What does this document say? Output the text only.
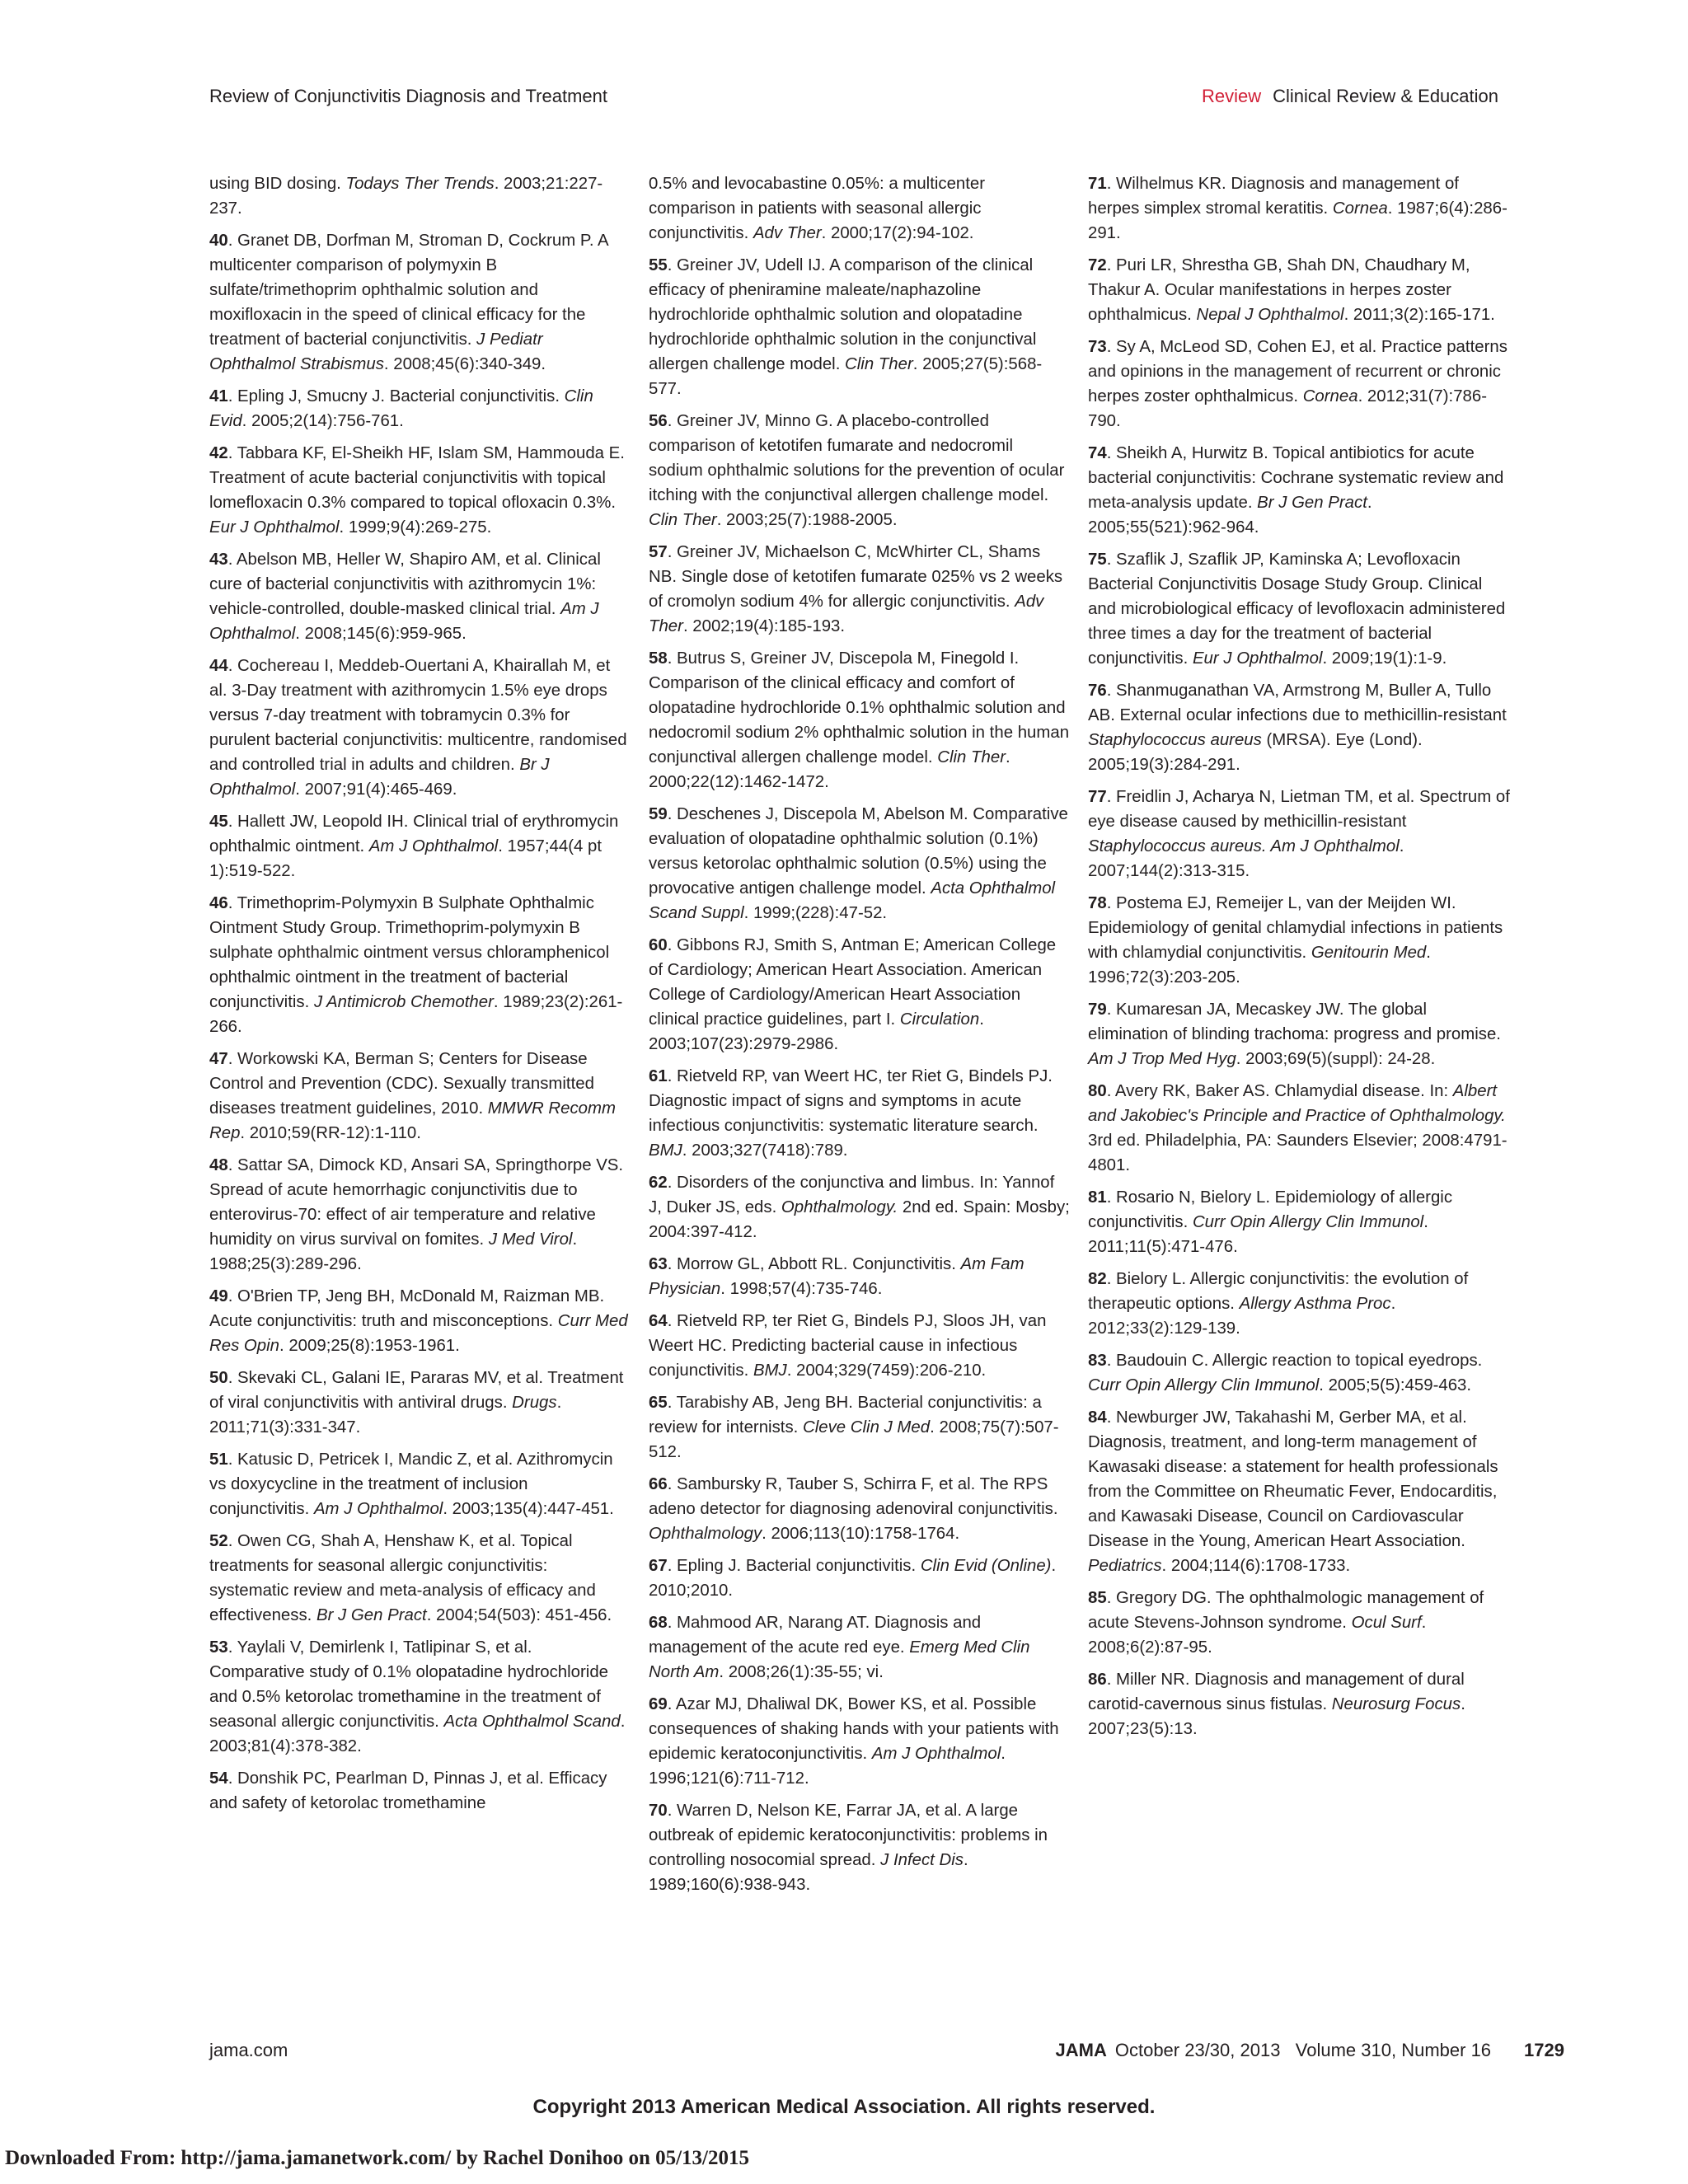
Review of Conjunctivitis Diagnosis and Treatment	Review Clinical Review & Education

using BID dosing. Todays Ther Trends. 2003;21:227-237.

40. Granet DB, Dorfman M, Stroman D, Cockrum P. A multicenter comparison of polymyxin B sulfate/trimethoprim ophthalmic solution and moxifloxacin in the speed of clinical efficacy for the treatment of bacterial conjunctivitis. J Pediatr Ophthalmol Strabismus. 2008;45(6):340-349.

41. Epling J, Smucny J. Bacterial conjunctivitis. Clin Evid. 2005;2(14):756-761.

42. Tabbara KF, El-Sheikh HF, Islam SM, Hammouda E. Treatment of acute bacterial conjunctivitis with topical lomefloxacin 0.3% compared to topical ofloxacin 0.3%. Eur J Ophthalmol. 1999;9(4):269-275.

43. Abelson MB, Heller W, Shapiro AM, et al. Clinical cure of bacterial conjunctivitis with azithromycin 1%: vehicle-controlled, double-masked clinical trial. Am J Ophthalmol. 2008;145(6):959-965.

44. Cochereau I, Meddeb-Ouertani A, Khairallah M, et al. 3-Day treatment with azithromycin 1.5% eye drops versus 7-day treatment with tobramycin 0.3% for purulent bacterial conjunctivitis: multicentre, randomised and controlled trial in adults and children. Br J Ophthalmol. 2007;91(4):465-469.

45. Hallett JW, Leopold IH. Clinical trial of erythromycin ophthalmic ointment. Am J Ophthalmol. 1957;44(4 pt 1):519-522.

46. Trimethoprim-Polymyxin B Sulphate Ophthalmic Ointment Study Group. Trimethoprim-polymyxin B sulphate ophthalmic ointment versus chloramphenicol ophthalmic ointment in the treatment of bacterial conjunctivitis. J Antimicrob Chemother. 1989;23(2):261-266.

47. Workowski KA, Berman S; Centers for Disease Control and Prevention (CDC). Sexually transmitted diseases treatment guidelines, 2010. MMWR Recomm Rep. 2010;59(RR-12):1-110.

48. Sattar SA, Dimock KD, Ansari SA, Springthorpe VS. Spread of acute hemorrhagic conjunctivitis due to enterovirus-70: effect of air temperature and relative humidity on virus survival on fomites. J Med Virol. 1988;25(3):289-296.

49. O'Brien TP, Jeng BH, McDonald M, Raizman MB. Acute conjunctivitis: truth and misconceptions. Curr Med Res Opin. 2009;25(8):1953-1961.

50. Skevaki CL, Galani IE, Pararas MV, et al. Treatment of viral conjunctivitis with antiviral drugs. Drugs. 2011;71(3):331-347.

51. Katusic D, Petricek I, Mandic Z, et al. Azithromycin vs doxycycline in the treatment of inclusion conjunctivitis. Am J Ophthalmol. 2003;135(4):447-451.

52. Owen CG, Shah A, Henshaw K, et al. Topical treatments for seasonal allergic conjunctivitis: systematic review and meta-analysis of efficacy and effectiveness. Br J Gen Pract. 2004;54(503): 451-456.

53. Yaylali V, Demirlenk I, Tatlipinar S, et al. Comparative study of 0.1% olopatadine hydrochloride and 0.5% ketorolac tromethamine in the treatment of seasonal allergic conjunctivitis. Acta Ophthalmol Scand. 2003;81(4):378-382.

54. Donshik PC, Pearlman D, Pinnas J, et al. Efficacy and safety of ketorolac tromethamine

0.5% and levocabastine 0.05%: a multicenter comparison in patients with seasonal allergic conjunctivitis. Adv Ther. 2000;17(2):94-102.

55. Greiner JV, Udell IJ. A comparison of the clinical efficacy of pheniramine maleate/naphazoline hydrochloride ophthalmic solution and olopatadine hydrochloride ophthalmic solution in the conjunctival allergen challenge model. Clin Ther. 2005;27(5):568-577.

56. Greiner JV, Minno G. A placebo-controlled comparison of ketotifen fumarate and nedocromil sodium ophthalmic solutions for the prevention of ocular itching with the conjunctival allergen challenge model. Clin Ther. 2003;25(7):1988-2005.

57. Greiner JV, Michaelson C, McWhirter CL, Shams NB. Single dose of ketotifen fumarate 025% vs 2 weeks of cromolyn sodium 4% for allergic conjunctivitis. Adv Ther. 2002;19(4):185-193.

58. Butrus S, Greiner JV, Discepola M, Finegold I. Comparison of the clinical efficacy and comfort of olopatadine hydrochloride 0.1% ophthalmic solution and nedocromil sodium 2% ophthalmic solution in the human conjunctival allergen challenge model. Clin Ther. 2000;22(12):1462-1472.

59. Deschenes J, Discepola M, Abelson M. Comparative evaluation of olopatadine ophthalmic solution (0.1%) versus ketorolac ophthalmic solution (0.5%) using the provocative antigen challenge model. Acta Ophthalmol Scand Suppl. 1999;(228):47-52.

60. Gibbons RJ, Smith S, Antman E; American College of Cardiology; American Heart Association. American College of Cardiology/American Heart Association clinical practice guidelines, part I. Circulation. 2003;107(23):2979-2986.

61. Rietveld RP, van Weert HC, ter Riet G, Bindels PJ. Diagnostic impact of signs and symptoms in acute infectious conjunctivitis: systematic literature search. BMJ. 2003;327(7418):789.

62. Disorders of the conjunctiva and limbus. In: Yannof J, Duker JS, eds. Ophthalmology. 2nd ed. Spain: Mosby; 2004:397-412.

63. Morrow GL, Abbott RL. Conjunctivitis. Am Fam Physician. 1998;57(4):735-746.

64. Rietveld RP, ter Riet G, Bindels PJ, Sloos JH, van Weert HC. Predicting bacterial cause in infectious conjunctivitis. BMJ. 2004;329(7459):206-210.

65. Tarabishy AB, Jeng BH. Bacterial conjunctivitis: a review for internists. Cleve Clin J Med. 2008;75(7):507-512.

66. Sambursky R, Tauber S, Schirra F, et al. The RPS adeno detector for diagnosing adenoviral conjunctivitis. Ophthalmology. 2006;113(10):1758-1764.

67. Epling J. Bacterial conjunctivitis. Clin Evid (Online). 2010;2010.

68. Mahmood AR, Narang AT. Diagnosis and management of the acute red eye. Emerg Med Clin North Am. 2008;26(1):35-55; vi.

69. Azar MJ, Dhaliwal DK, Bower KS, et al. Possible consequences of shaking hands with your patients with epidemic keratoconjunctivitis. Am J Ophthalmol. 1996;121(6):711-712.

70. Warren D, Nelson KE, Farrar JA, et al. A large outbreak of epidemic keratoconjunctivitis: problems in controlling nosocomial spread. J Infect Dis. 1989;160(6):938-943.

71. Wilhelmus KR. Diagnosis and management of herpes simplex stromal keratitis. Cornea. 1987;6(4):286-291.

72. Puri LR, Shrestha GB, Shah DN, Chaudhary M, Thakur A. Ocular manifestations in herpes zoster ophthalmicus. Nepal J Ophthalmol. 2011;3(2):165-171.

73. Sy A, McLeod SD, Cohen EJ, et al. Practice patterns and opinions in the management of recurrent or chronic herpes zoster ophthalmicus. Cornea. 2012;31(7):786-790.

74. Sheikh A, Hurwitz B. Topical antibiotics for acute bacterial conjunctivitis: Cochrane systematic review and meta-analysis update. Br J Gen Pract. 2005;55(521):962-964.

75. Szaflik J, Szaflik JP, Kaminska A; Levofloxacin Bacterial Conjunctivitis Dosage Study Group. Clinical and microbiological efficacy of levofloxacin administered three times a day for the treatment of bacterial conjunctivitis. Eur J Ophthalmol. 2009;19(1):1-9.

76. Shanmuganathan VA, Armstrong M, Buller A, Tullo AB. External ocular infections due to methicillin-resistant Staphylococcus aureus (MRSA). Eye (Lond). 2005;19(3):284-291.

77. Freidlin J, Acharya N, Lietman TM, et al. Spectrum of eye disease caused by methicillin-resistant Staphylococcus aureus. Am J Ophthalmol. 2007;144(2):313-315.

78. Postema EJ, Remeijer L, van der Meijden WI. Epidemiology of genital chlamydial infections in patients with chlamydial conjunctivitis. Genitourin Med. 1996;72(3):203-205.

79. Kumaresan JA, Mecaskey JW. The global elimination of blinding trachoma: progress and promise. Am J Trop Med Hyg. 2003;69(5)(suppl): 24-28.

80. Avery RK, Baker AS. Chlamydial disease. In: Albert and Jakobiec's Principle and Practice of Ophthalmology. 3rd ed. Philadelphia, PA: Saunders Elsevier; 2008:4791-4801.

81. Rosario N, Bielory L. Epidemiology of allergic conjunctivitis. Curr Opin Allergy Clin Immunol. 2011;11(5):471-476.

82. Bielory L. Allergic conjunctivitis: the evolution of therapeutic options. Allergy Asthma Proc. 2012;33(2):129-139.

83. Baudouin C. Allergic reaction to topical eyedrops. Curr Opin Allergy Clin Immunol. 2005;5(5):459-463.

84. Newburger JW, Takahashi M, Gerber MA, et al. Diagnosis, treatment, and long-term management of Kawasaki disease: a statement for health professionals from the Committee on Rheumatic Fever, Endocarditis, and Kawasaki Disease, Council on Cardiovascular Disease in the Young, American Heart Association. Pediatrics. 2004;114(6):1708-1733.

85. Gregory DG. The ophthalmologic management of acute Stevens-Johnson syndrome. Ocul Surf. 2008;6(2):87-95.

86. Miller NR. Diagnosis and management of dural carotid-cavernous sinus fistulas. Neurosurg Focus. 2007;23(5):13.

jama.com	JAMA October 23/30, 2013   Volume 310, Number 16 1729
Copyright 2013 American Medical Association. All rights reserved.
Downloaded From: http://jama.jamanetwork.com/ by Rachel Donihoo on 05/13/2015
